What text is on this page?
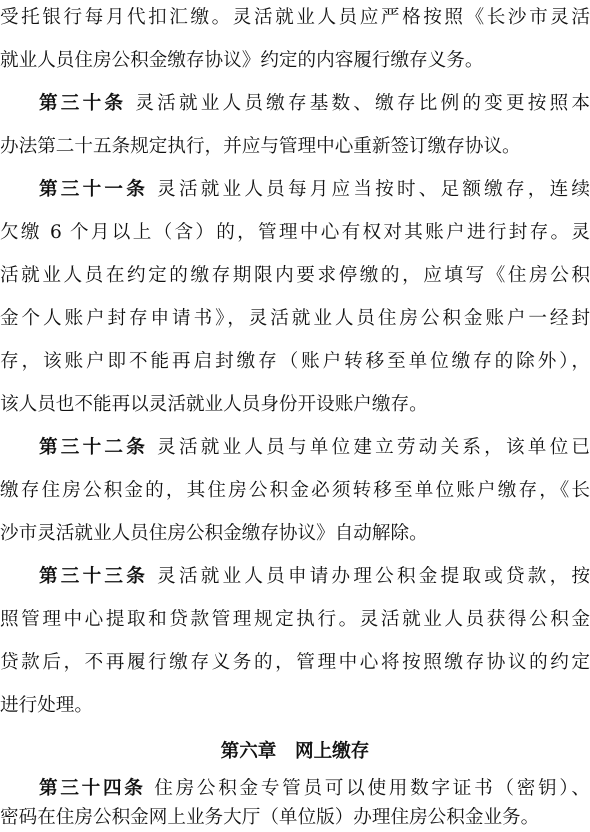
受托银行每月代扣汇缴。灵活就业人员应严格按照《长沙市灵活
就业人员住房公积金缴存协议》约定的内容履行缴存义务。
第三十条 灵活就业人员缴存基数、缴存比例的变更按照本
办法第二十五条规定执行，并应与管理中心重新签订缴存协议。
第三十一条 灵活就业人员每月应当按时、足额缴存，连续
欠缴 6 个月以上（含）的，管理中心有权对其账户进行封存。灵
活就业人员在约定的缴存期限内要求停缴的，应填写《住房公积
金个人账户封存申请书》，灵活就业人员住房公积金账户一经封
存，该账户即不能再启封缴存（账户转移至单位缴存的除外），
该人员也不能再以灵活就业人员身份开设账户缴存。
第三十二条 灵活就业人员与单位建立劳动关系，该单位已
缴存住房公积金的，其住房公积金必须转移至单位账户缴存，《长
沙市灵活就业人员住房公积金缴存协议》自动解除。
第三十三条 灵活就业人员申请办理公积金提取或贷款，按
照管理中心提取和贷款管理规定执行。灵活就业人员获得公积金
贷款后，不再履行缴存义务的，管理中心将按照缴存协议的约定
进行处理。
第六章　网上缴存
第三十四条 住房公积金专管员可以使用数字证书（密钥）、
密码在住房公积金网上业务大厅（单位版）办理住房公积金业务。
